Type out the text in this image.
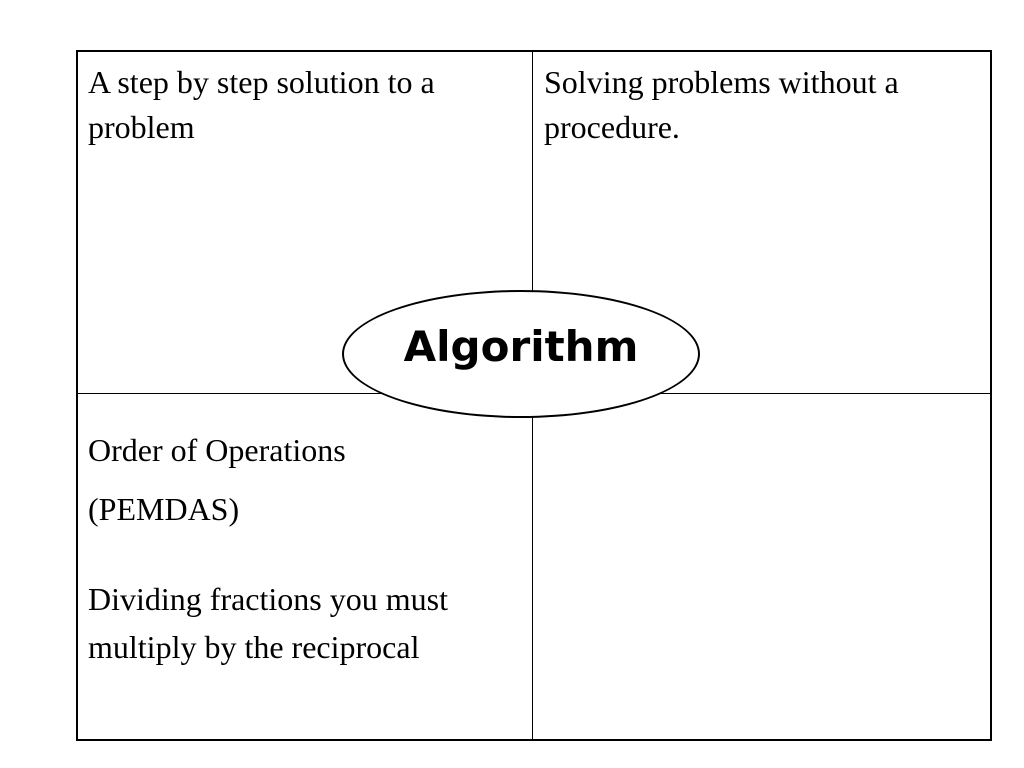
A step by step solution to a problem

Solving problems without a procedure.

Order of Operations
(PEMDAS)

Dividing fractions you must multiply by the reciprocal

Algorithm
